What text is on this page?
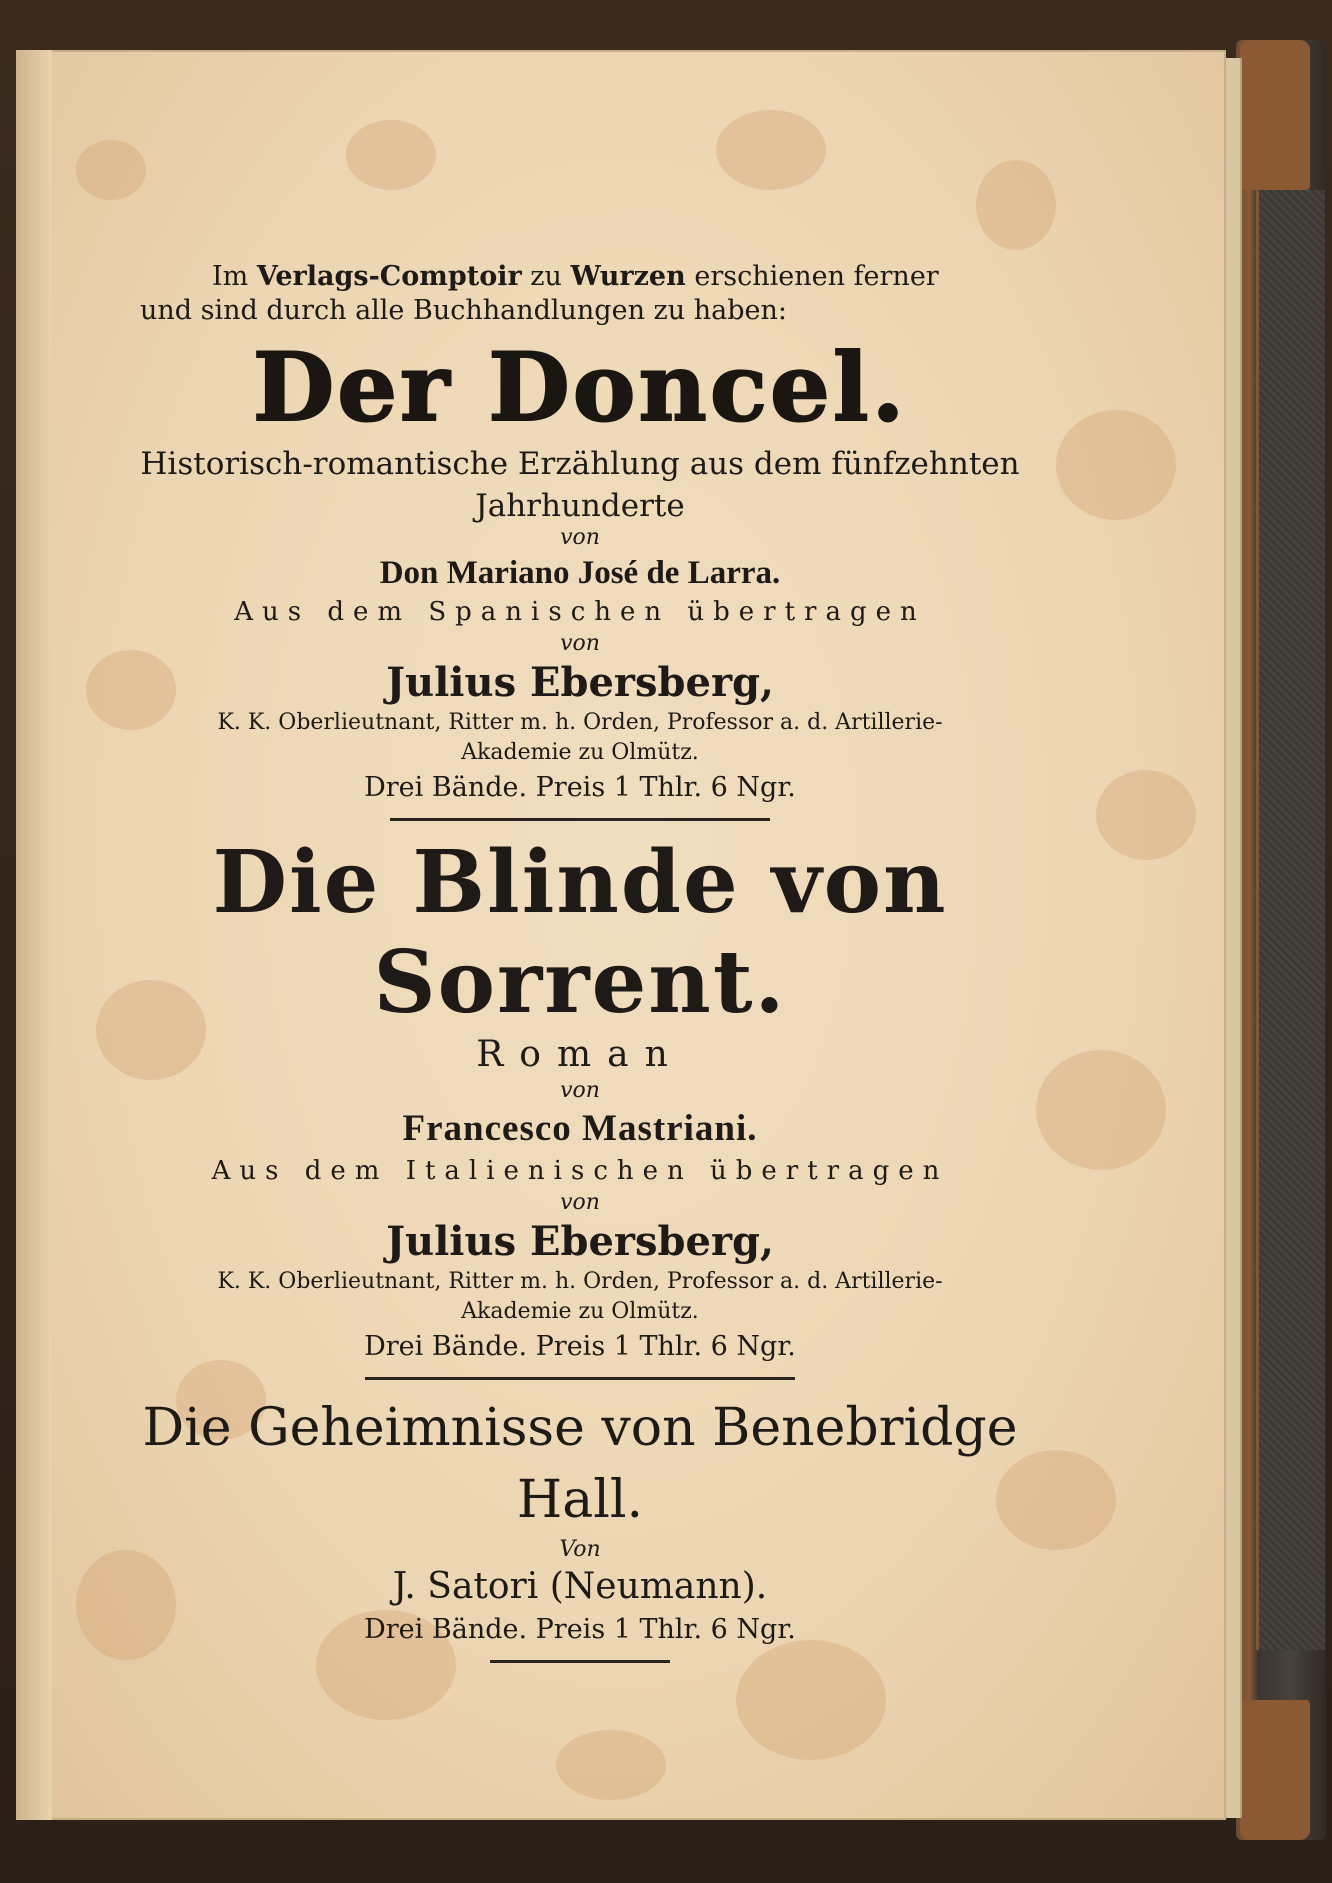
Im Verlags-Comptoir zu Wurzen erschienen ferner

und sind durch alle Buchhandlungen zu haben:

Der Doncel.

Historisch-romantische Erzählung aus dem fünfzehnten

Jahrhunderte

von

Don Mariano José de Larra.

Aus dem Spanischen übertragen

von

Julius Ebersberg,

K. K. Oberlieutnant, Ritter m. h. Orden, Professor a. d. Artillerie-

Akademie zu Olmütz.

Drei Bände. Preis 1 Thlr. 6 Ngr.

Die Blinde von Sorrent.

Roman

von

Francesco Mastriani.

Aus dem Italienischen übertragen

von

Julius Ebersberg,

K. K. Oberlieutnant, Ritter m. h. Orden, Professor a. d. Artillerie-

Akademie zu Olmütz.

Drei Bände. Preis 1 Thlr. 6 Ngr.

Die Geheimnisse von Benebridge Hall.

Von

J. Satori (Neumann).

Drei Bände. Preis 1 Thlr. 6 Ngr.
